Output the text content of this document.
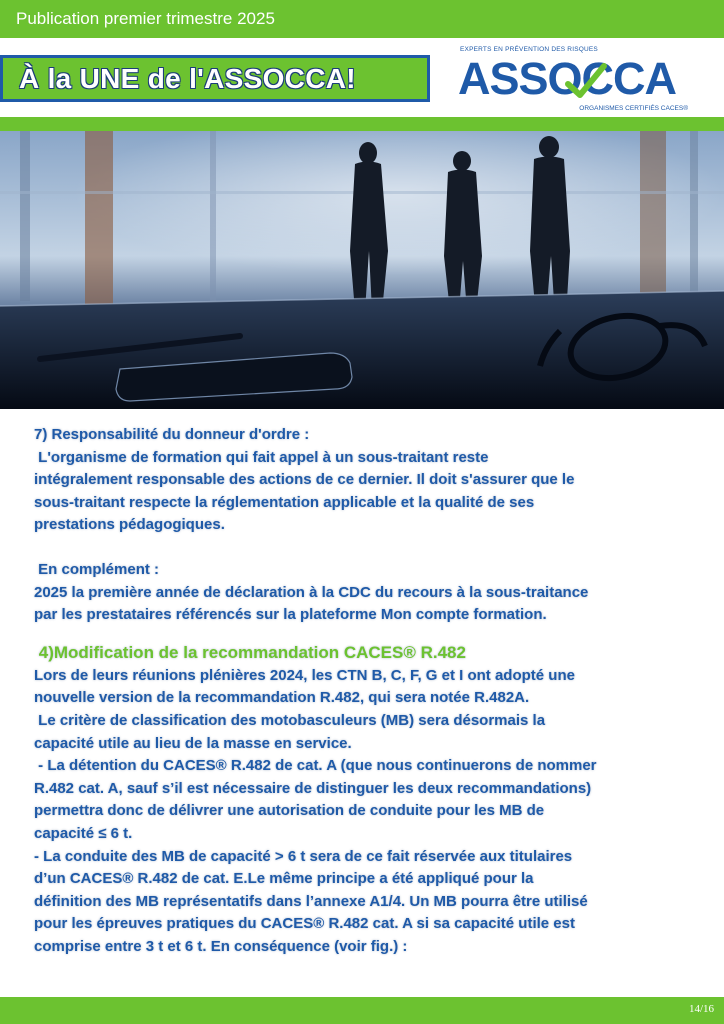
Publication premier trimestre 2025
À la UNE de l'ASSOCCA!
EXPERTS EN PRÉVENTION DES RISQUES
ASSOCCA
ORGANISMES CERTIFIÉS CACES®

7) Responsabilité du donneur d'ordre :

L'organisme de formation qui fait appel à un sous-traitant reste

intégralement responsable des actions de ce dernier. Il doit s'assurer que le

sous-traitant respecte la réglementation applicable et la qualité de ses

prestations pédagogiques.

En complément :

2025 la première année de déclaration à la CDC du recours à la sous-traitance

par les prestataires référencés sur la plateforme Mon compte formation.

4)Modification de la recommandation CACES® R.482

Lors de leurs réunions plénières 2024, les CTN B, C, F, G et I ont adopté une

nouvelle version de la recommandation R.482, qui sera notée R.482A.

Le critère de classification des motobasculeurs (MB) sera désormais la

capacité utile au lieu de la masse en service.

- La détention du CACES® R.482 de cat. A (que nous continuerons de nommer

R.482 cat. A, sauf s’il est nécessaire de distinguer les deux recommandations)

permettra donc de délivrer une autorisation de conduite pour les MB de

capacité ≤ 6 t.

- La conduite des MB de capacité > 6 t sera de ce fait réservée aux titulaires

d’un CACES® R.482 de cat. E.Le même principe a été appliqué pour la

définition des MB représentatifs dans l’annexe A1/4. Un MB pourra être utilisé

pour les épreuves pratiques du CACES® R.482 cat. A si sa capacité utile est

comprise entre 3 t et 6 t. En conséquence (voir fig.) :

14/16
